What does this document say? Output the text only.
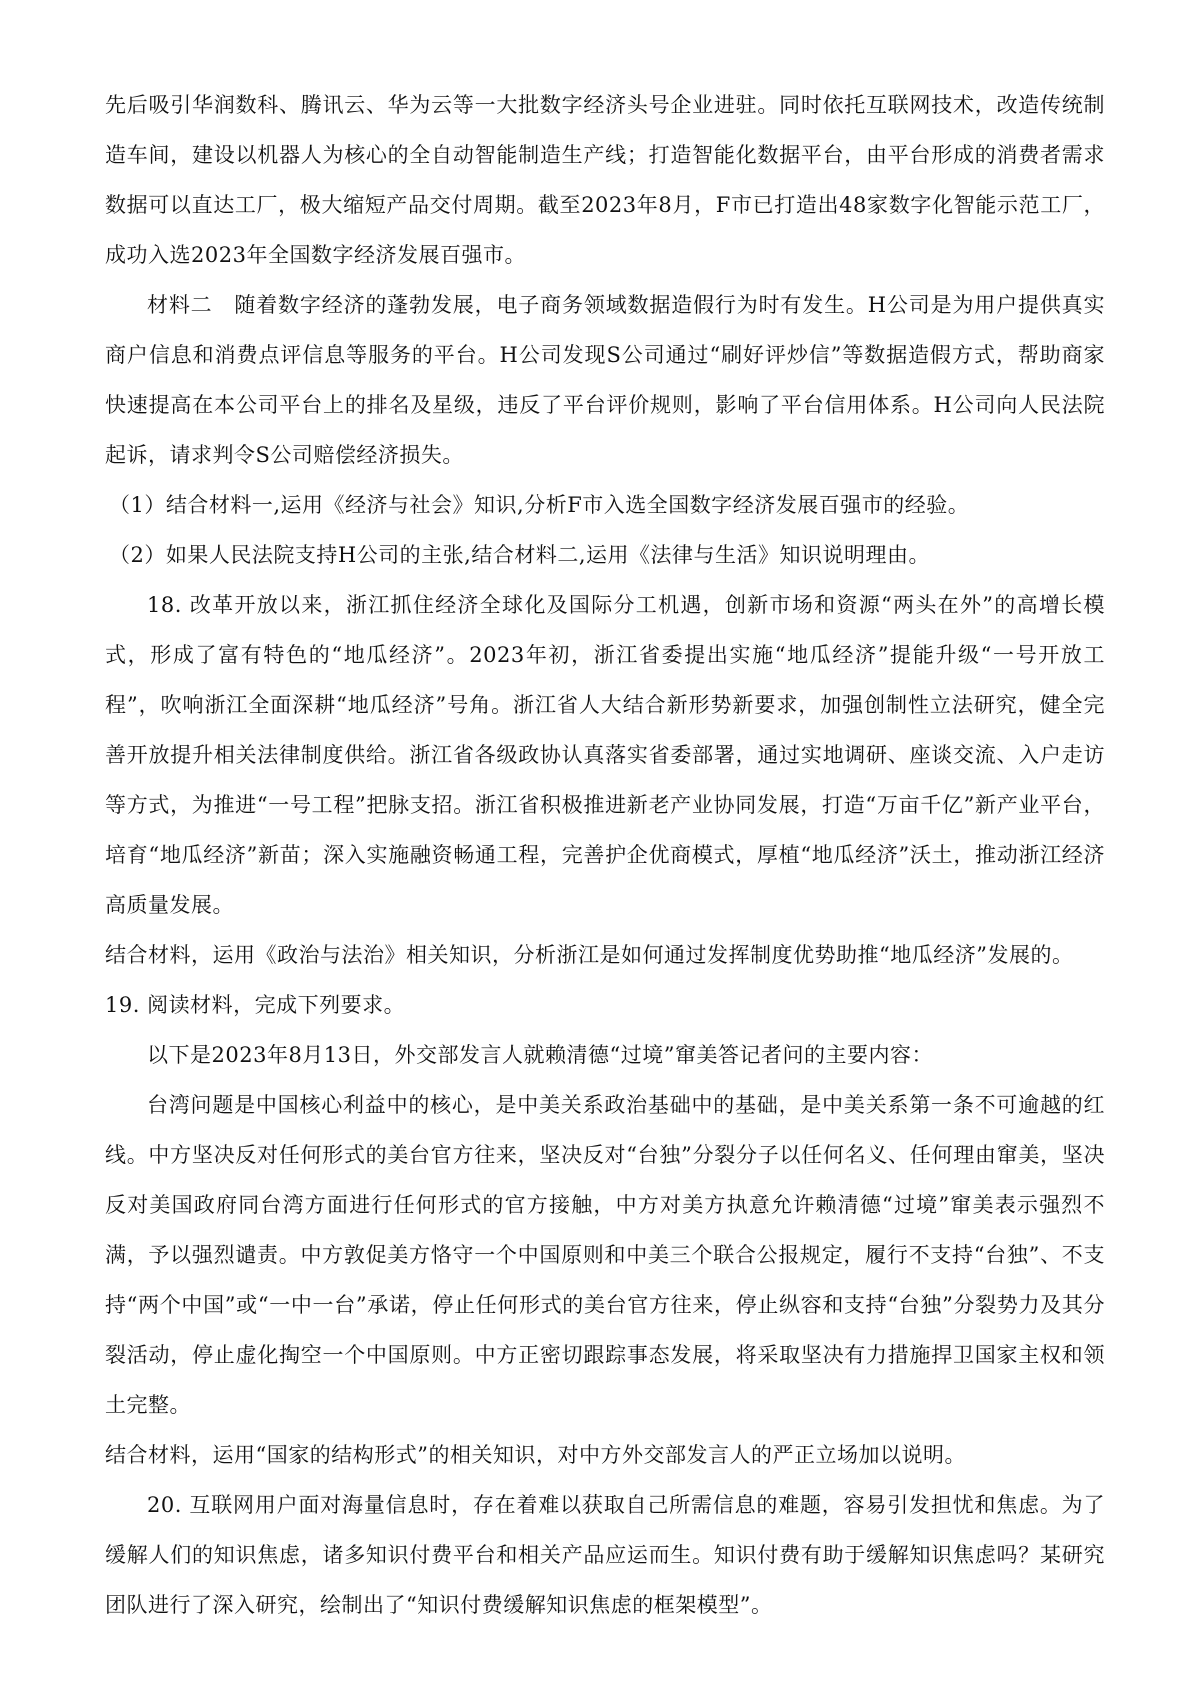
先后吸引华润数科、腾讯云、华为云等一大批数字经济头号企业进驻。同时依托互联网技术，改造传统制造车间，建设以机器人为核心的全自动智能制造生产线；打造智能化数据平台，由平台形成的消费者需求数据可以直达工厂，极大缩短产品交付周期。截至2023年8月，F市已打造出48家数字化智能示范工厂，成功入选2023年全国数字经济发展百强市。

材料二　随着数字经济的蓬勃发展，电子商务领域数据造假行为时有发生。H公司是为用户提供真实商户信息和消费点评信息等服务的平台。H公司发现S公司通过“刷好评炒信”等数据造假方式，帮助商家快速提高在本公司平台上的排名及星级，违反了平台评价规则，影响了平台信用体系。H公司向人民法院起诉，请求判令S公司赔偿经济损失。

（1）结合材料一,运用《经济与社会》知识,分析F市入选全国数字经济发展百强市的经验。

（2）如果人民法院支持H公司的主张,结合材料二,运用《法律与生活》知识说明理由。

18. 改革开放以来，浙江抓住经济全球化及国际分工机遇，创新市场和资源“两头在外”的高增长模式，形成了富有特色的“地瓜经济”。2023年初，浙江省委提出实施“地瓜经济”提能升级“一号开放工程”，吹响浙江全面深耕“地瓜经济”号角。浙江省人大结合新形势新要求，加强创制性立法研究，健全完善开放提升相关法律制度供给。浙江省各级政协认真落实省委部署，通过实地调研、座谈交流、入户走访等方式，为推进“一号工程”把脉支招。浙江省积极推进新老产业协同发展，打造“万亩千亿”新产业平台，培育“地瓜经济”新苗；深入实施融资畅通工程，完善护企优商模式，厚植“地瓜经济”沃土，推动浙江经济高质量发展。

结合材料，运用《政治与法治》相关知识，分析浙江是如何通过发挥制度优势助推“地瓜经济”发展的。

19. 阅读材料，完成下列要求。

以下是2023年8月13日，外交部发言人就赖清德“过境”窜美答记者问的主要内容：

台湾问题是中国核心利益中的核心，是中美关系政治基础中的基础，是中美关系第一条不可逾越的红线。中方坚决反对任何形式的美台官方往来，坚决反对“台独”分裂分子以任何名义、任何理由窜美，坚决反对美国政府同台湾方面进行任何形式的官方接触，中方对美方执意允许赖清德“过境”窜美表示强烈不满，予以强烈谴责。中方敦促美方恪守一个中国原则和中美三个联合公报规定，履行不支持“台独”、不支持“两个中国”或“一中一台”承诺，停止任何形式的美台官方往来，停止纵容和支持“台独”分裂势力及其分裂活动，停止虚化掏空一个中国原则。中方正密切跟踪事态发展，将采取坚决有力措施捍卫国家主权和领土完整。

结合材料，运用“国家的结构形式”的相关知识，对中方外交部发言人的严正立场加以说明。

20. 互联网用户面对海量信息时，存在着难以获取自己所需信息的难题，容易引发担忧和焦虑。为了缓解人们的知识焦虑，诸多知识付费平台和相关产品应运而生。知识付费有助于缓解知识焦虑吗？某研究团队进行了深入研究，绘制出了“知识付费缓解知识焦虑的框架模型”。
